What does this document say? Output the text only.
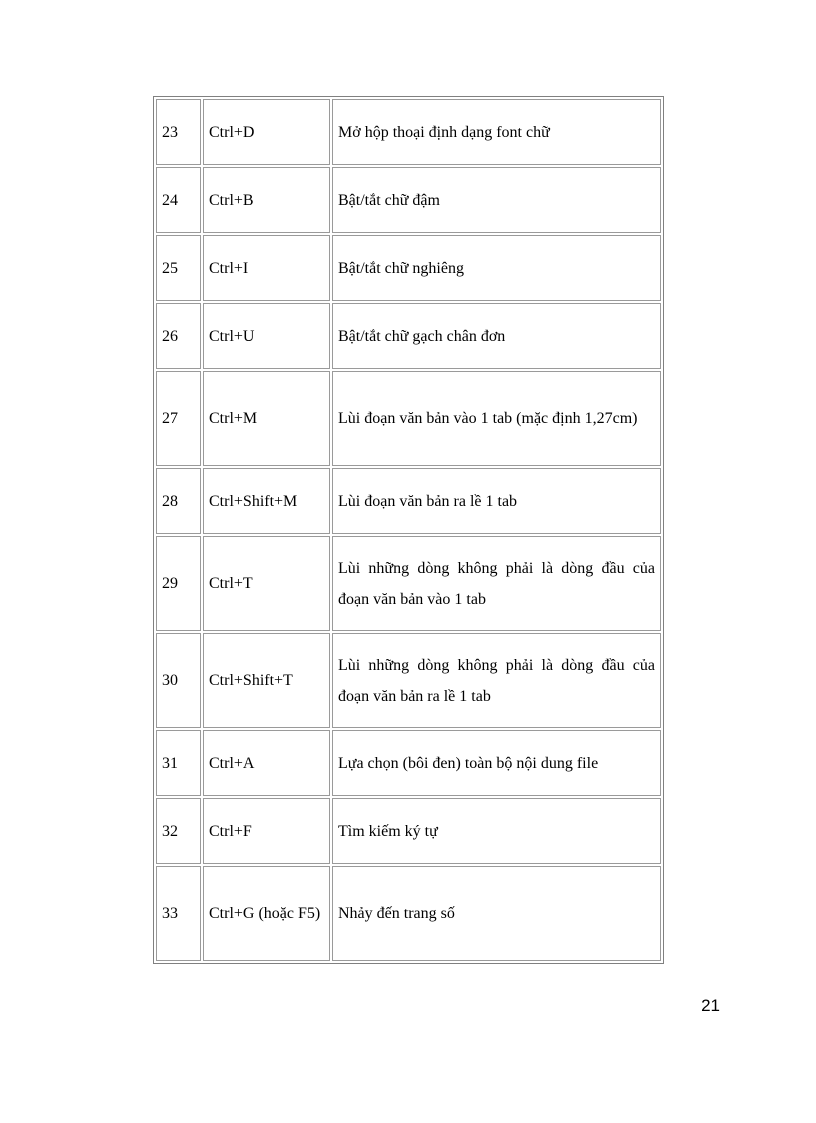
23	Ctrl+D	Mở hộp thoại định dạng font chữ
24	Ctrl+B	Bật/tắt chữ đậm
25	Ctrl+I	Bật/tắt chữ nghiêng
26	Ctrl+U	Bật/tắt chữ gạch chân đơn
27	Ctrl+M	Lùi đoạn văn bản vào 1 tab (mặc định 1,27cm)
28	Ctrl+Shift+M	Lùi đoạn văn bản ra lề 1 tab
29	Ctrl+T	Lùi những dòng không phải là dòng đầu của đoạn văn bản vào 1 tab
30	Ctrl+Shift+T	Lùi những dòng không phải là dòng đầu của đoạn văn bản ra lề 1 tab
31	Ctrl+A	Lựa chọn (bôi đen) toàn bộ nội dung file
32	Ctrl+F	Tìm kiếm ký tự
33	Ctrl+G (hoặc F5)	Nhảy đến trang số
21
